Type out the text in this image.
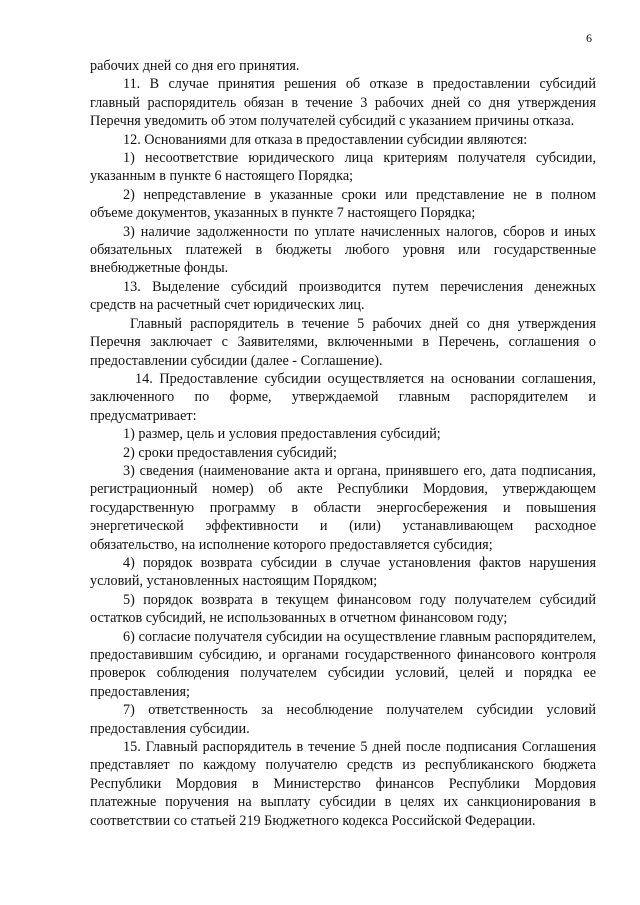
6

рабочих дней со дня его принятия.

11. В случае принятия решения об отказе в предоставлении субсидий главный распорядитель обязан в течение 3 рабочих дней со дня утверждения Перечня уведомить об этом получателей субсидий с указанием причины отказа.

12. Основаниями для отказа в предоставлении субсидии являются:

1) несоответствие юридического лица критериям получателя субсидии, указанным в пункте 6 настоящего Порядка;

2) непредставление в указанные сроки или представление не в полном объеме документов, указанных в пункте 7 настоящего Порядка;

3) наличие задолженности по уплате начисленных налогов, сборов и иных обязательных платежей в бюджеты любого уровня или государственные внебюджетные фонды.

13. Выделение субсидий производится путем перечисления денежных средств на расчетный счет юридических лиц.

Главный распорядитель в течение 5 рабочих дней со дня утверждения Перечня заключает с Заявителями, включенными в Перечень, соглашения о предоставлении субсидии (далее - Соглашение).

14. Предоставление субсидии осуществляется на основании соглашения, заключенного по форме, утверждаемой главным распорядителем и предусматривает:

1) размер, цель и условия предоставления субсидий;

2) сроки предоставления субсидий;

3) сведения (наименование акта и органа, принявшего его, дата подписания, регистрационный номер) об акте Республики Мордовия, утверждающем государственную программу в области энергосбережения и повышения энергетической эффективности и (или) устанавливающем расходное обязательство, на исполнение которого предоставляется субсидия;

4) порядок возврата субсидии в случае установления фактов нарушения условий, установленных настоящим Порядком;

5) порядок возврата в текущем финансовом году получателем субсидий остатков субсидий, не использованных в отчетном финансовом году;

6) согласие получателя субсидии на осуществление главным распорядителем, предоставившим субсидию, и органами государственного финансового контроля проверок соблюдения получателем субсидии условий, целей и порядка ее предоставления;

7) ответственность за несоблюдение получателем субсидии условий предоставления субсидии.

15. Главный распорядитель в течение 5 дней после подписания Соглашения представляет по каждому получателю средств из республиканского бюджета Республики Мордовия в Министерство финансов Республики Мордовия платежные поручения на выплату субсидии в целях их санкционирования в соответствии со статьей 219 Бюджетного кодекса Российской Федерации.
